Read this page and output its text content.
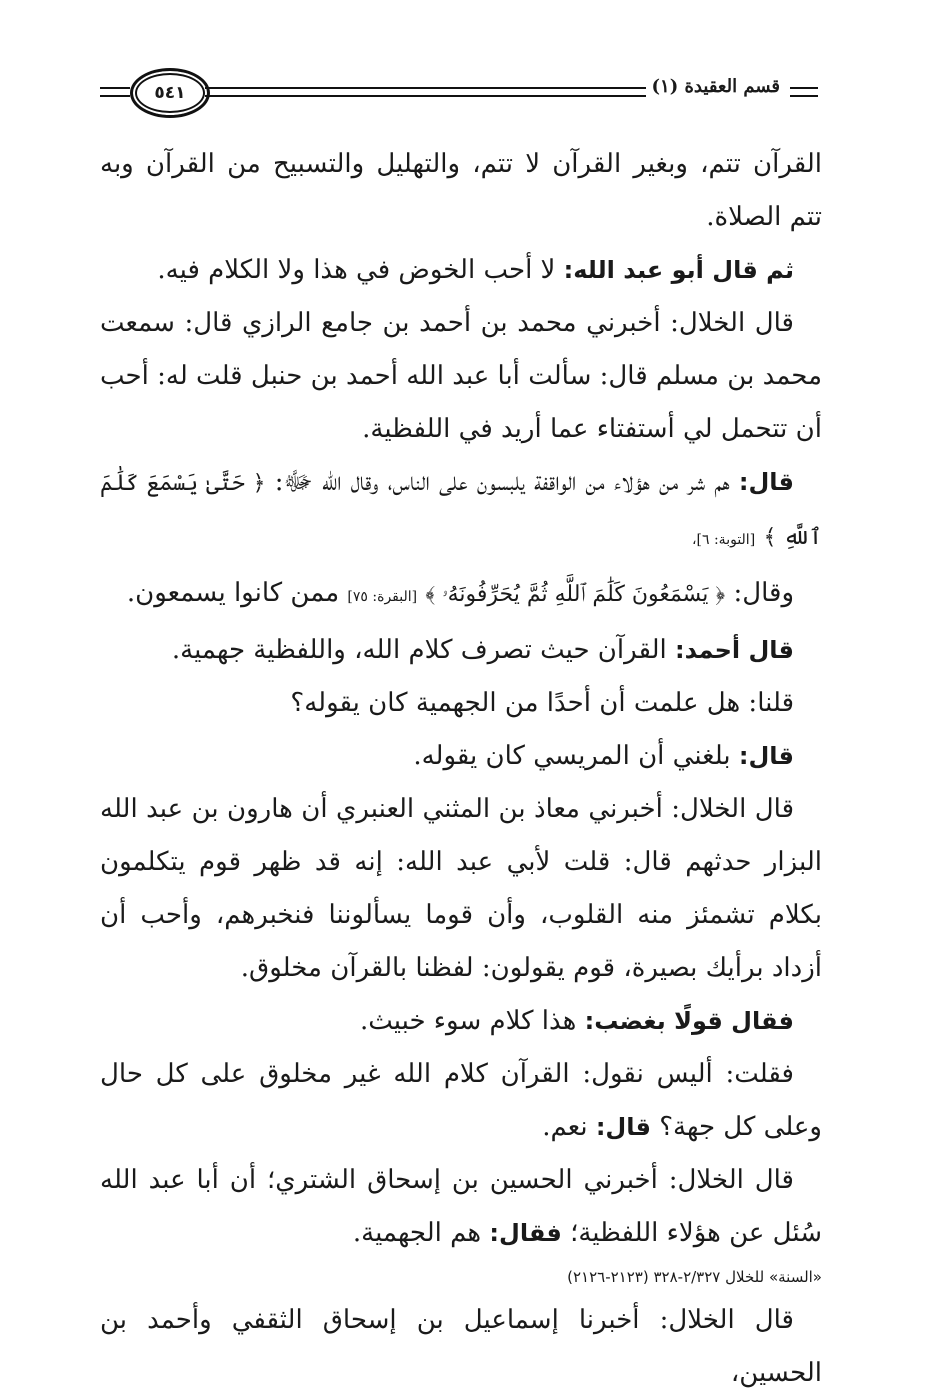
٥٤١	قسم العقيدة (١)

القرآن تتم، وبغير القرآن لا تتم، والتهليل والتسبيح من القرآن وبه تتم الصلاة.

ثم قال أبو عبد الله: لا أحب الخوض في هذا ولا الكلام فيه.

قال الخلال: أخبرني محمد بن أحمد بن جامع الرازي قال: سمعت محمد بن مسلم قال: سألت أبا عبد الله أحمد بن حنبل قلت له: أحب أن تتحمل لي أستفتاء عما أريد في اللفظية.

قال: هم شر من هؤلاء من الواقفة يلبسون على الناس، وقال الله ﷻ: ﴿ حَتَّىٰ يَسْمَعَ كَلَٰمَ ٱللَّهِ ﴾ [التوبة: ٦]،

وقال: ﴿ يَسْمَعُونَ كَلَٰمَ ٱللَّهِ ثُمَّ يُحَرِّفُونَهُۥ ﴾ [البقرة: ٧٥] ممن كانوا يسمعون.

قال أحمد: القرآن حيث تصرف كلام الله، واللفظية جهمية.

قلنا: هل علمت أن أحدًا من الجهمية كان يقوله؟

قال: بلغني أن المريسي كان يقوله.

قال الخلال: أخبرني معاذ بن المثني العنبري أن هارون بن عبد الله البزار حدثهم قال: قلت لأبي عبد الله: إنه قد ظهر قوم يتكلمون بكلام تشمئز منه القلوب، وأن قوما يسألوننا فنخبرهم، وأحب أن أزداد برأيك بصيرة، قوم يقولون: لفظنا بالقرآن مخلوق.

فقال قولًا بغضب: هذا كلام سوء خبيث.

فقلت: أليس نقول: القرآن كلام الله غير مخلوق على كل حال وعلى كل جهة؟ قال: نعم.

قال الخلال: أخبرني الحسين بن إسحاق الشتري؛ أن أبا عبد الله سُئل عن هؤلاء اللفظية؛ فقال: هم الجهمية.

«السنة» للخلال ٢/٣٢٧-٣٢٨ (٢١٢٣-٢١٢٦)

قال الخلال: أخبرنا إسماعيل بن إسحاق الثقفي وأحمد بن الحسين،
